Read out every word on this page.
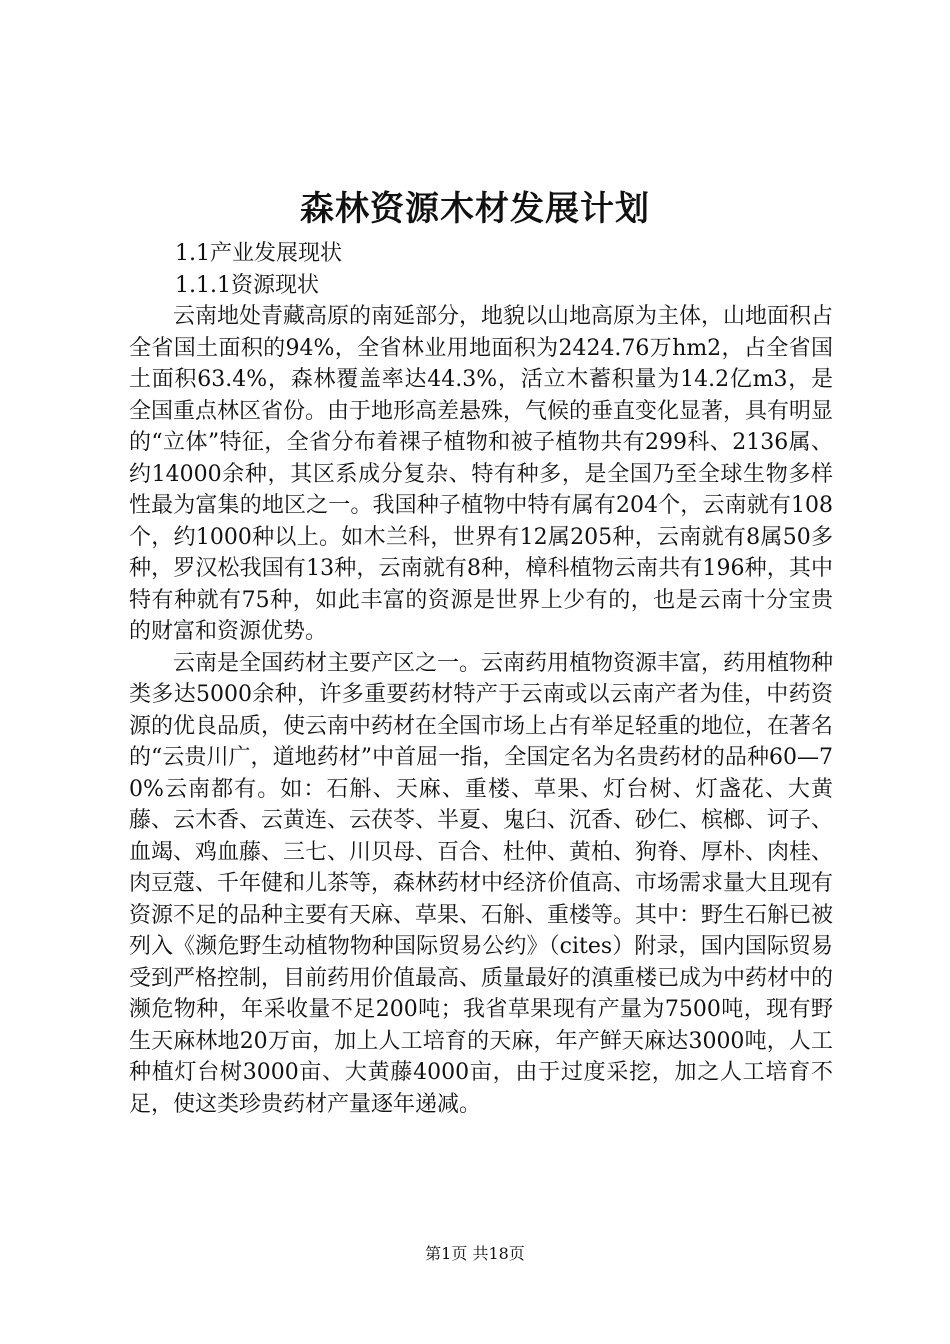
森林资源木材发展计划

1.1产业发展现状

1.1.1资源现状

云南地处青藏高原的南延部分，地貌以山地高原为主体，山地面积占全省国土面积的94%，全省林业用地面积为2424.76万hm2，占全省国土面积63.4%，森林覆盖率达44.3%，活立木蓄积量为14.2亿m3，是全国重点林区省份。由于地形高差悬殊，气候的垂直变化显著，具有明显的“立体”特征，全省分布着裸子植物和被子植物共有299科、2136属、约14000余种，其区系成分复杂、特有种多，是全国乃至全球生物多样性最为富集的地区之一。我国种子植物中特有属有204个，云南就有108个，约1000种以上。如木兰科，世界有12属205种，云南就有8属50多种，罗汉松我国有13种，云南就有8种，樟科植物云南共有196种，其中特有种就有75种，如此丰富的资源是世界上少有的，也是云南十分宝贵的财富和资源优势。

云南是全国药材主要产区之一。云南药用植物资源丰富，药用植物种类多达5000余种，许多重要药材特产于云南或以云南产者为佳，中药资源的优良品质，使云南中药材在全国市场上占有举足轻重的地位，在著名的“云贵川广，道地药材”中首屈一指，全国定名为名贵药材的品种60—70%云南都有。如：石斛、天麻、重楼、草果、灯台树、灯盏花、大黄藤、云木香、云黄连、云茯苓、半夏、鬼臼、沉香、砂仁、槟榔、诃子、血竭、鸡血藤、三七、川贝母、百合、杜仲、黄柏、狗脊、厚朴、肉桂、肉豆蔻、千年健和儿茶等，森林药材中经济价值高、市场需求量大且现有资源不足的品种主要有天麻、草果、石斛、重楼等。其中：野生石斛已被列入《濒危野生动植物物种国际贸易公约》（cites）附录，国内国际贸易受到严格控制，目前药用价值最高、质量最好的滇重楼已成为中药材中的濒危物种，年采收量不足200吨；我省草果现有产量为7500吨，现有野生天麻林地20万亩，加上人工培育的天麻，年产鲜天麻达3000吨，人工种植灯台树3000亩、大黄藤4000亩，由于过度采挖，加之人工培育不足，使这类珍贵药材产量逐年递减。

第1页 共18页
